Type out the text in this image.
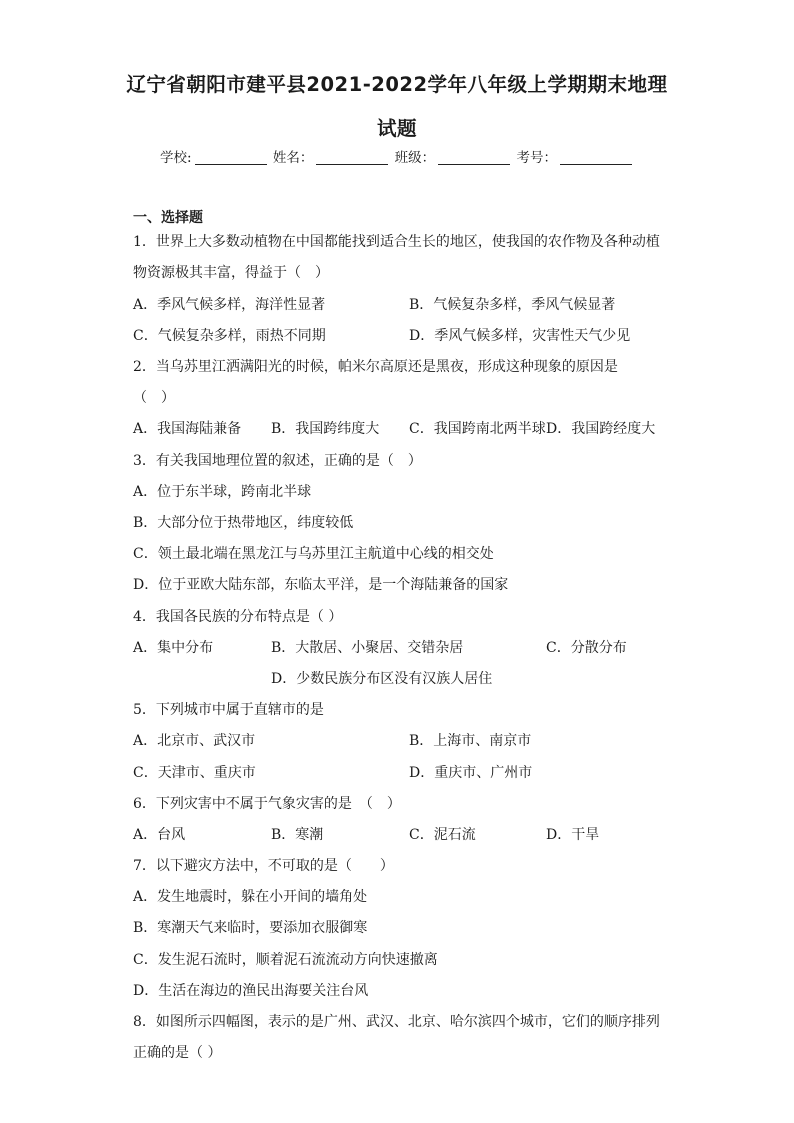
辽宁省朝阳市建平县2021-2022学年八年级上学期期末地理
试题
学校:	姓名：	班级：	考号：
一、选择题
1．世界上大多数动植物在中国都能找到适合生长的地区，使我国的农作物及各种动植
物资源极其丰富，得益于（　）
A．季风气候多样，海洋性显著	B．气候复杂多样，季风气候显著
C．气候复杂多样，雨热不同期	D．季风气候多样，灾害性天气少见
2．当乌苏里江洒满阳光的时候，帕米尔高原还是黑夜，形成这种现象的原因是
（　）
A．我国海陆兼备 B．我国跨纬度大 C．我国跨南北两半球 D．我国跨经度大
3．有关我国地理位置的叙述，正确的是（　）
A．位于东半球，跨南北半球
B．大部分位于热带地区，纬度较低
C．领土最北端在黑龙江与乌苏里江主航道中心线的相交处
D．位于亚欧大陆东部，东临太平洋，是一个海陆兼备的国家
4．我国各民族的分布特点是（ ）
A．集中分布	B．大散居、小聚居、交错杂居	C．分散分布
D．少数民族分布区没有汉族人居住
5．下列城市中属于直辖市的是
A．北京市、武汉市	B．上海市、南京市
C．天津市、重庆市	D．重庆市、广州市
6．下列灾害中不属于气象灾害的是　（　）
A．台风	B．寒潮	C．泥石流	D．干旱
7．以下避灾方法中，不可取的是（　　）
A．发生地震时，躲在小开间的墙角处
B．寒潮天气来临时，要添加衣服御寒
C．发生泥石流时，顺着泥石流流动方向快速撤离
D．生活在海边的渔民出海要关注台风
8．如图所示四幅图，表示的是广州、武汉、北京、哈尔滨四个城市，它们的顺序排列
正确的是（ ）
